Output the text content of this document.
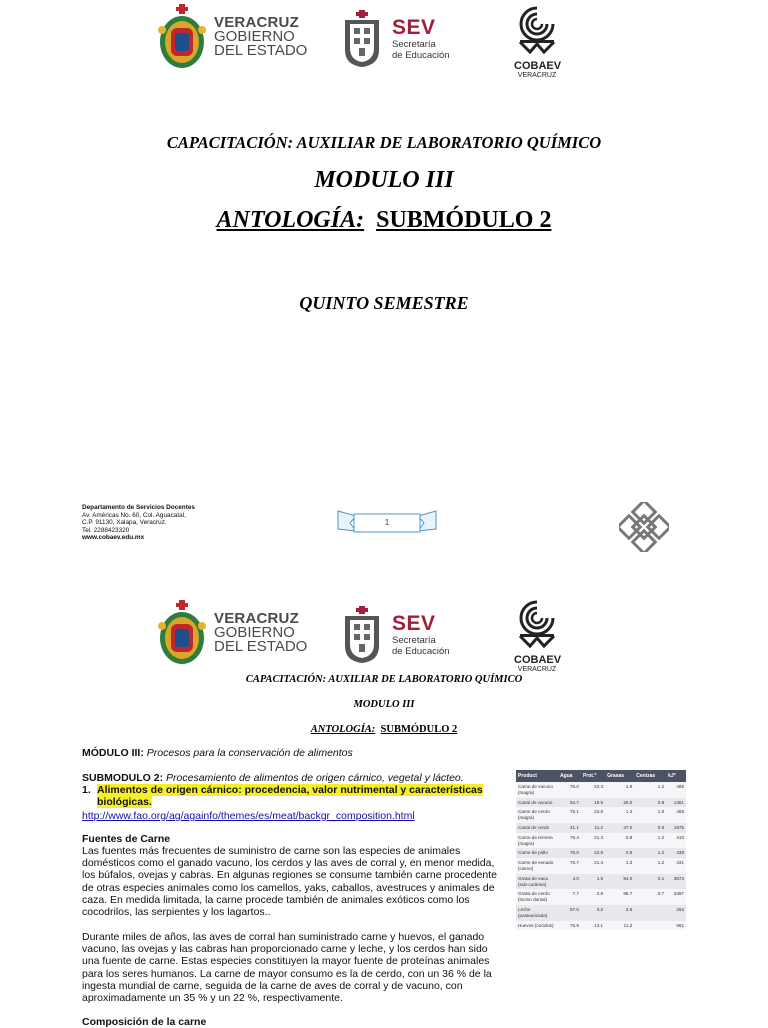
VERACRUZ
GOBIERNO
DEL ESTADO
SEV
Secretaría
de Educación
COBAEV
VERACRUZ
CAPACITACIÓN: AUXILIAR DE LABORATORIO QUÍMICO
MODULO III
ANTOLOGÍA: SUBMÓDULO 2
QUINTO SEMESTRE
Departamento de Servicios Docentes
Av. Américas No. 60, Col. Aguacatal,
C.P. 91130, Xalapa, Veracruz.
Tel. 2288423320
www.cobaev.edu.mx
1
VERACRUZ
GOBIERNO
DEL ESTADO
SEV
Secretaría
de Educación
COBAEV
VERACRUZ
CAPACITACIÓN: AUXILIAR DE LABORATORIO QUÍMICO
MODULO III
ANTOLOGÍA: SUBMÓDULO 2
MÓDULO III: Procesos para la conservación de alimentos
SUBMODULO 2: Procesamiento de alimentos de origen cárnico, vegetal y lácteo.
1. Alimentos de origen cárnico: procedencia, valor nutrimental y características biológicas.
http://www.fao.org/ag/againfo/themes/es/meat/backgr_composition.html
Fuentes de Carne
Las fuentes más frecuentes de suministro de carne son las especies de animales domésticos como el ganado vacuno, los cerdos y las aves de corral y, en menor medida, los búfalos, ovejas y cabras. En algunas regiones se consume también carne procedente de otras especies animales como los camellos, yaks, caballos, avestruces y animales de caza. En medida limitada, la carne procede también de animales exóticos como los cocodrilos, las serpientes y los lagartos..
Durante miles de años, las aves de corral han suministrado carne y huevos, el ganado vacuno, las ovejas y las cabras han proporcionado carne y leche, y los cerdos han sido una fuente de carne. Estas especies constituyen la mayor fuente de proteínas animales para los seres humanos. La carne de mayor consumo es la de cerdo, con un 36 % de la ingesta mundial de carne, seguida de la carne de aves de corral y de vacuno, con aproximadamente un 35 % y un 22 %, respectivamente.
Composición de la carne
Product	Agua	Prot.*	Grasas	Cenizas	kJ*
Carne de vacuno (magra)	75.0	22.3	1.8	1.2	485
Canal de vacuno	54.7	16.5	28.0	0.8	1351
Carne de cerdo (magra)	75.1	22.8	1.2	1.0	469
Canal de cerdo	41.1	11.2	47.0	0.6	1975
Carne de ternera (magra)	76.4	21.3	0.8	1.2	410
Carne de pollo	75.0	22.8	0.9	1.2	439
Carne de venado (ciervo)	75.7	21.4	1.3	1.2	431
Grasa de vaca (sub-cutánea)	4.0	1.5	94.0	0.1	3573
Grasa de cerdo (tocino dorsal)	7.7	2.9	88.7	0.7	3397
Leche (pasteurizada)	87.6	3.2	3.5		264
Huevos (cocidos)	75.9	13.1	11.2		661
